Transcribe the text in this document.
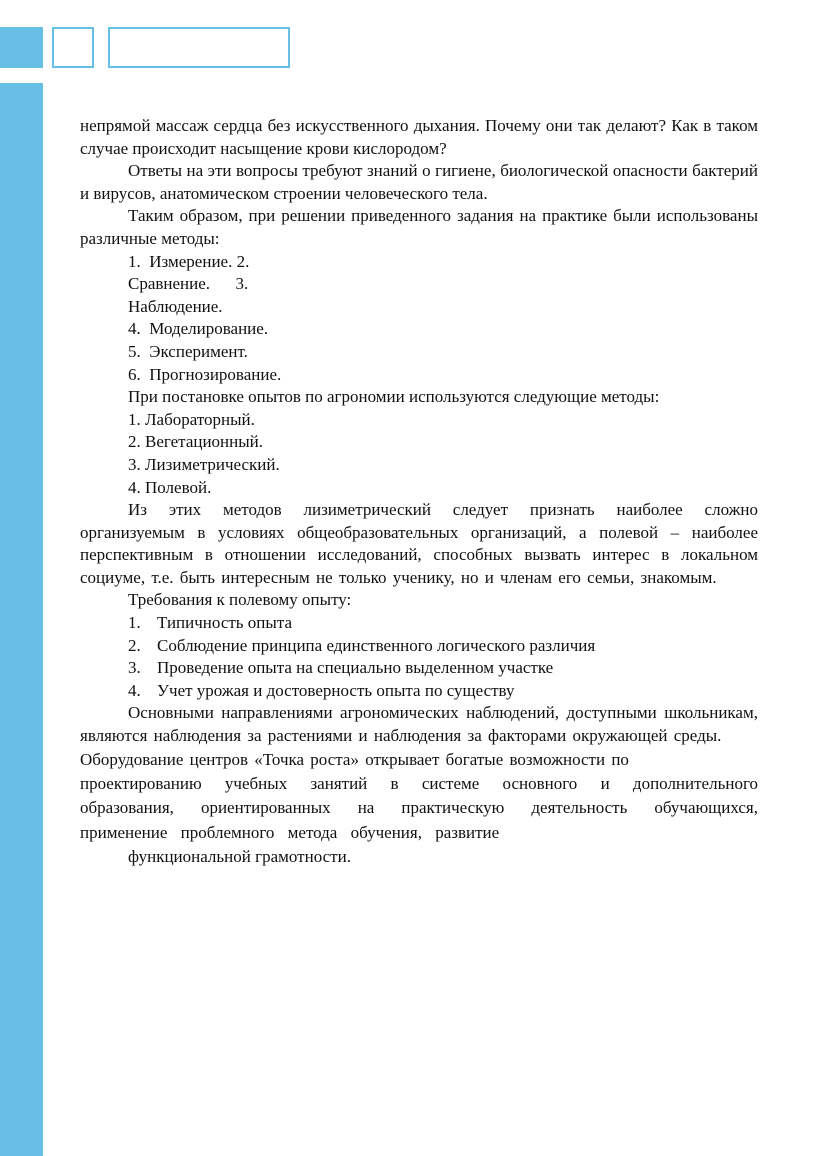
непрямой массаж сердца без искусственного дыхания. Почему они так делают? Как в таком случае происходит насыщение крови кислородом?

Ответы на эти вопросы требуют знаний о гигиене, биологической опасности бактерий и вирусов, анатомическом строении человеческого тела.

Таким образом, при решении приведенного задания на практике были использованы различные методы:

1.  Измерение. 2.

Сравнение.      3.

Наблюдение.

4.  Моделирование.

5.  Эксперимент.

6.  Прогнозирование.

При постановке опытов по агрономии используются следующие методы:

1. Лабораторный.

2. Вегетационный.

3. Лизиметрический.

4. Полевой.

Из этих методов лизиметрический следует признать наиболее сложно организуемым в условиях общеобразовательных организаций, а полевой – наиболее перспективным в отношении исследований, способных вызвать интерес в локальном социуме, т.е. быть интересным не только ученику, но и членам его семьи, знакомым.

Требования к полевому опыту:

1. Типичность опыта
2. Соблюдение принципа единственного логического различия
3. Проведение опыта на специально выделенном участке
4. Учет урожая и достоверность опыта по существу

Основными направлениями агрономических наблюдений, доступными школьникам, являются наблюдения за растениями и наблюдения за факторами окружающей среды.

Оборудование центров «Точка роста» открывает богатые возможности по

проектированию учебных занятий в системе основного и дополнительного образования, ориентированных на практическую деятельность обучающихся, применение проблемного метода обучения, развитие

функциональной грамотности.
